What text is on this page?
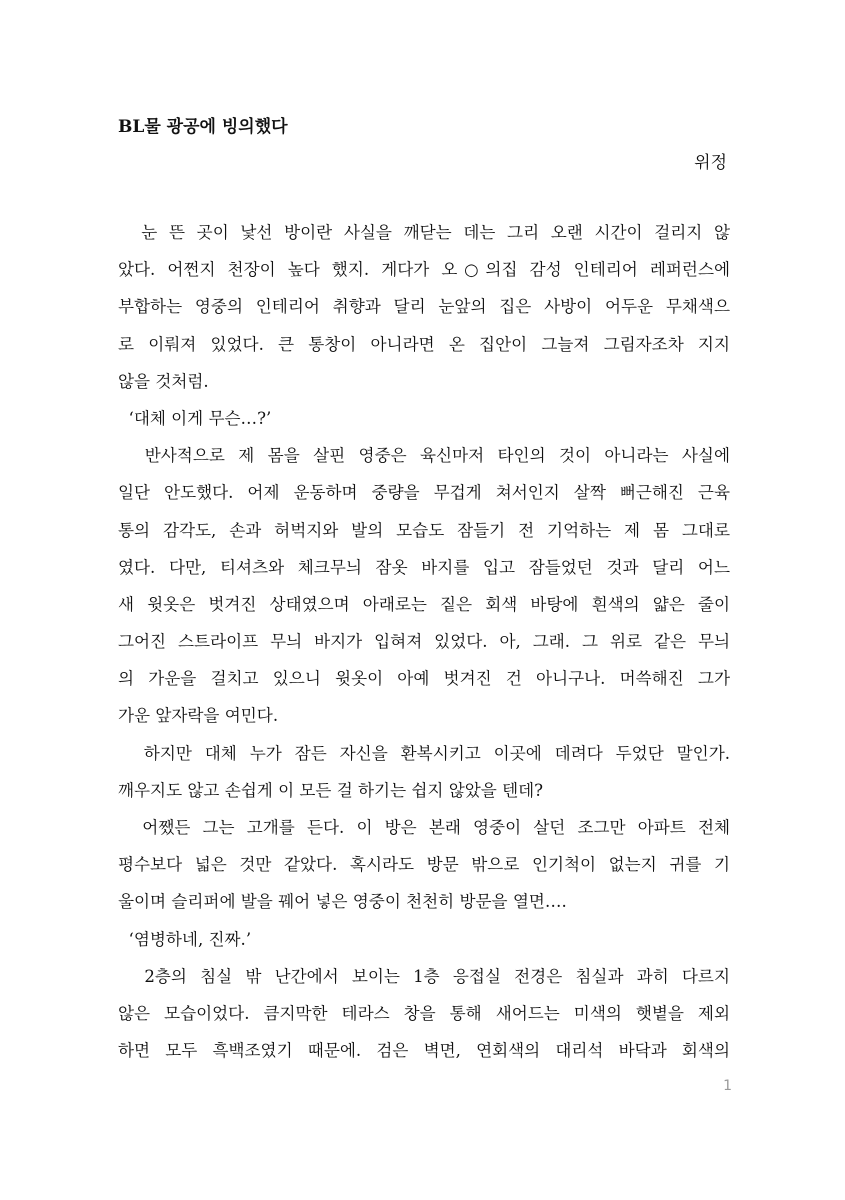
BL물 광공에 빙의했다
위정
눈 뜬 곳이 낯선 방이란 사실을 깨닫는 데는 그리 오랜 시간이 걸리지 않
았다. 어쩐지 천장이 높다 했지. 게다가 오○의집 감성 인테리어 레퍼런스에
부합하는 영중의 인테리어 취향과 달리 눈앞의 집은 사방이 어두운 무채색으
로 이뤄져 있었다. 큰 통창이 아니라면 온 집안이 그늘져 그림자조차 지지
않을 것처럼.
‘대체 이게 무슨…?’
반사적으로 제 몸을 살핀 영중은 육신마저 타인의 것이 아니라는 사실에
일단 안도했다. 어제 운동하며 중량을 무겁게 쳐서인지 살짝 뻐근해진 근육
통의 감각도, 손과 허벅지와 발의 모습도 잠들기 전 기억하는 제 몸 그대로
였다. 다만, 티셔츠와 체크무늬 잠옷 바지를 입고 잠들었던 것과 달리 어느
새 윗옷은 벗겨진 상태였으며 아래로는 짙은 회색 바탕에 흰색의 얇은 줄이
그어진 스트라이프 무늬 바지가 입혀져 있었다. 아, 그래. 그 위로 같은 무늬
의 가운을 걸치고 있으니 윗옷이 아예 벗겨진 건 아니구나. 머쓱해진 그가
가운 앞자락을 여민다.
하지만 대체 누가 잠든 자신을 환복시키고 이곳에 데려다 두었단 말인가.
깨우지도 않고 손쉽게 이 모든 걸 하기는 쉽지 않았을 텐데?
어쨌든 그는 고개를 든다. 이 방은 본래 영중이 살던 조그만 아파트 전체
평수보다 넓은 것만 같았다. 혹시라도 방문 밖으로 인기척이 없는지 귀를 기
울이며 슬리퍼에 발을 꿰어 넣은 영중이 천천히 방문을 열면….
‘염병하네, 진짜.’
2층의 침실 밖 난간에서 보이는 1층 응접실 전경은 침실과 과히 다르지
않은 모습이었다. 큼지막한 테라스 창을 통해 새어드는 미색의 햇볕을 제외
하면 모두 흑백조였기 때문에. 검은 벽면, 연회색의 대리석 바닥과 회색의
1
